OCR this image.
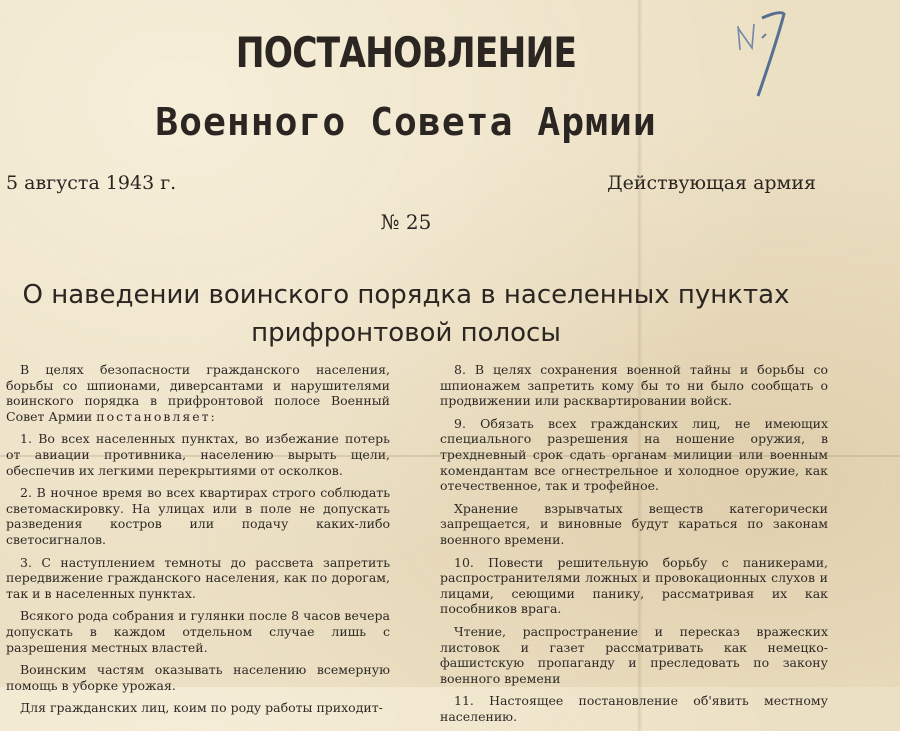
ПОСТАНОВЛЕНИЕ
Военного Совета Армии
5 августа 1943 г.	Действующая армия
№ 25
О наведении воинского порядка в населенных пунктах
прифронтовой полосы

В целях безопасности гражданского населения, борьбы со шпионами, диверсантами и нарушителями воинского порядка в прифронтовой полосе Военный Совет Армии постановляет:

1. Во всех населенных пунктах, во избежание потерь от авиации противника, населению вырыть щели, обеспечив их легкими перекрытиями от осколков.

2. В ночное время во всех квартирах строго соблюдать светомаскировку. На улицах или в поле не допускать разведения костров или подачу каких-либо светосигналов.

3. С наступлением темноты до рассвета запретить передвижение гражданского населения, как по дорогам, так и в населенных пунктах.

Всякого рода собрания и гулянки после 8 часов вечера допускать в каждом отдельном случае лишь с разрешения местных властей.

Воинским частям оказывать населению всемерную помощь в уборке урожая.

Для гражданских лиц, коим по роду работы приходит-

8. В целях сохранения военной тайны и борьбы со шпионажем запретить кому бы то ни было сообщать о продвижении или расквартировании войск.

9. Обязать всех гражданских лиц, не имеющих специального разрешения на ношение оружия, в трехдневный срок сдать органам милиции или военным комендантам все огнестрельное и холодное оружие, как отечественное, так и трофейное.

Хранение взрывчатых веществ категорически запрещается, и виновные будут караться по законам военного времени.

10. Повести решительную борьбу с паникерами, распространителями ложных и провокационных слухов и лицами, сеющими панику, рассматривая их как пособников врага.

Чтение, распространение и пересказ вражеских листовок и газет рассматривать как немецко-фашистскую пропаганду и преследовать по закону военного времени

11. Настоящее постановление об'явить местному населению.
